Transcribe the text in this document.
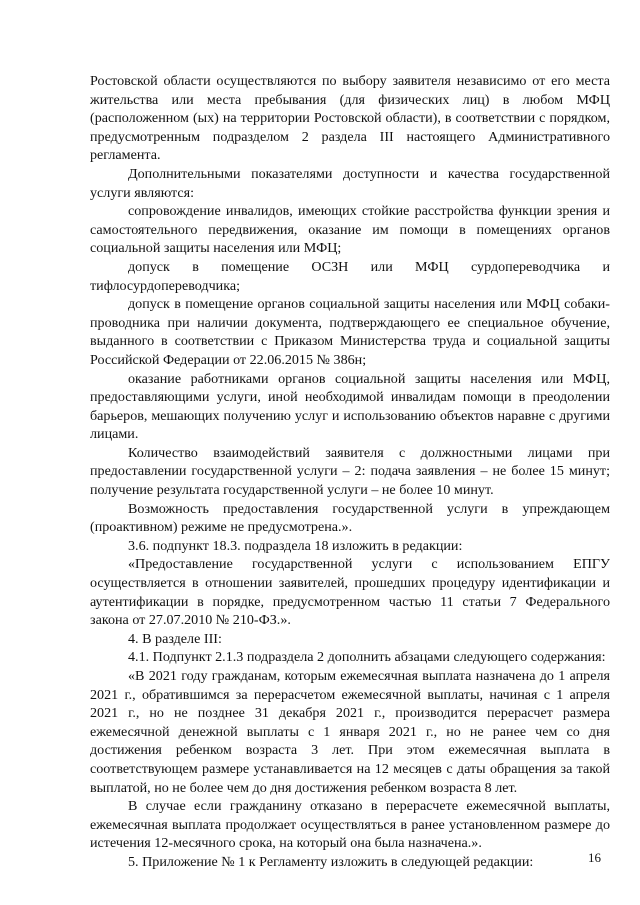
Ростовской области осуществляются по выбору заявителя независимо от его места жительства или места пребывания (для физических лиц) в любом МФЦ (расположенном (ых) на территории Ростовской области), в соответствии с порядком, предусмотренным подразделом 2 раздела III настоящего Административного регламента.

Дополнительными показателями доступности и качества государственной услуги являются:

сопровождение инвалидов, имеющих стойкие расстройства функции зрения и самостоятельного передвижения, оказание им помощи в помещениях органов социальной защиты населения или МФЦ;

допуск в помещение ОСЗН или МФЦ сурдопереводчика и тифлосурдопереводчика;

допуск в помещение органов социальной защиты населения или МФЦ собаки-проводника при наличии документа, подтверждающего ее специальное обучение, выданного в соответствии с Приказом Министерства труда и социальной защиты Российской Федерации от 22.06.2015 № 386н;

оказание работниками органов социальной защиты населения или МФЦ, предоставляющими услуги, иной необходимой инвалидам помощи в преодолении барьеров, мешающих получению услуг и использованию объектов наравне с другими лицами.

Количество взаимодействий заявителя с должностными лицами при предоставлении государственной услуги – 2: подача заявления – не более 15 минут; получение результата государственной услуги – не более 10 минут.

Возможность предоставления государственной услуги в упреждающем (проактивном) режиме не предусмотрена.».

3.6. подпункт 18.3. подраздела 18 изложить в редакции:

«Предоставление государственной услуги с использованием ЕПГУ осуществляется в отношении заявителей, прошедших процедуру идентификации и аутентификации в порядке, предусмотренном частью 11 статьи 7 Федерального закона от 27.07.2010 № 210-ФЗ.».

4. В разделе III:

4.1. Подпункт 2.1.3 подраздела 2 дополнить абзацами следующего содержания:

«В 2021 году гражданам, которым ежемесячная выплата назначена до 1 апреля 2021 г., обратившимся за перерасчетом ежемесячной выплаты, начиная с 1 апреля 2021 г., но не позднее 31 декабря 2021 г., производится перерасчет размера ежемесячной денежной выплаты с 1 января 2021 г., но не ранее чем со дня достижения ребенком возраста 3 лет. При этом ежемесячная выплата в соответствующем размере устанавливается на 12 месяцев с даты обращения за такой выплатой, но не более чем до дня достижения ребенком возраста 8 лет.

В случае если гражданину отказано в перерасчете ежемесячной выплаты, ежемесячная выплата продолжает осуществляться в ранее установленном размере до истечения 12-месячного срока, на который она была назначена.».

5. Приложение № 1 к Регламенту изложить в следующей редакции:	16
